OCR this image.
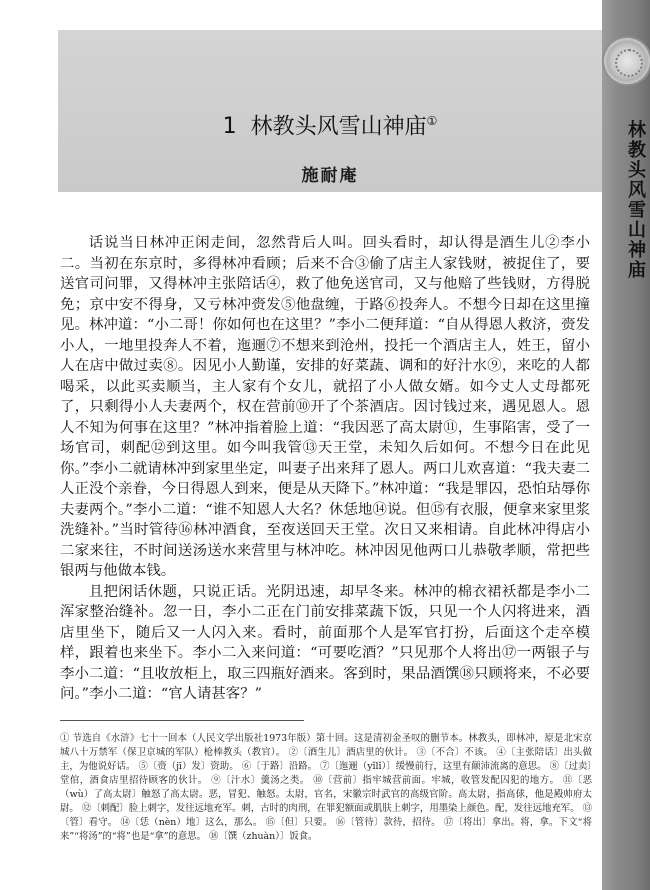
林教头风雪山神庙
1 林教头风雪山神庙①
施耐庵

话说当日林冲正闲走间，忽然背后人叫。回头看时，却认得是酒生儿②李小二。当初在东京时，多得林冲看顾；后来不合③偷了店主人家钱财，被捉住了，要送官司问罪，又得林冲主张陪话④，救了他免送官司，又与他赔了些钱财，方得脱免；京中安不得身，又亏林冲赍发⑤他盘缠，于路⑥投奔人。不想今日却在这里撞见。林冲道：“小二哥！你如何也在这里？”李小二便拜道：“自从得恩人救济，赍发小人，一地里投奔人不着，迤逦⑦不想来到沧州，投托一个酒店主人，姓王，留小人在店中做过卖⑧。因见小人勤谨，安排的好菜蔬、调和的好汁水⑨，来吃的人都喝采，以此买卖顺当，主人家有个女儿，就招了小人做女婿。如今丈人丈母都死了，只剩得小人夫妻两个，权在营前⑩开了个茶酒店。因讨钱过来，遇见恩人。恩人不知为何事在这里？”林冲指着脸上道：“我因恶了高太尉⑪，生事陷害，受了一场官司，刺配⑫到这里。如今叫我管⑬天王堂，未知久后如何。不想今日在此见你。”李小二就请林冲到家里坐定，叫妻子出来拜了恩人。两口儿欢喜道：“我夫妻二人正没个亲眷，今日得恩人到来，便是从天降下。”林冲道：“我是罪囚，恐怕玷辱你夫妻两个。”李小二道：“谁不知恩人大名？休恁地⑭说。但⑮有衣服，便拿来家里浆洗缝补。”当时管待⑯林冲酒食，至夜送回天王堂。次日又来相请。自此林冲得店小二家来往，不时间送汤送水来营里与林冲吃。林冲因见他两口儿恭敬孝顺，常把些银两与他做本钱。

且把闲话休题，只说正话。光阴迅速，却早冬来。林冲的棉衣裙袄都是李小二浑家整治缝补。忽一日，李小二正在门前安排菜蔬下饭，只见一个人闪将进来，酒店里坐下，随后又一人闪入来。看时，前面那个人是军官打扮，后面这个走卒模样，跟着也来坐下。李小二入来问道：“可要吃酒？”只见那个人将出⑰一两银子与李小二道：“且收放柜上，取三四瓶好酒来。客到时，果品酒馔⑱只顾将来，不必要问。”李小二道：“官人请甚客？”

① 节选自《水浒》七十一回本（人民文学出版社1973年版）第十回。这是清初金圣叹的删节本。林教头，即林冲，原是北宋京城八十万禁军（保卫京城的军队）枪棒教头（教官）。 ②〔酒生儿〕酒店里的伙计。 ③〔不合〕不该。 ④〔主张陪话〕出头做主，为他说好话。 ⑤〔赍（jī）发〕资助。 ⑥〔于路〕沿路。 ⑦〔迤逦（yǐlǐ）〕缓慢前行，这里有颠沛流离的意思。 ⑧〔过卖〕堂倌，酒食店里招待顾客的伙计。 ⑨〔汁水〕羹汤之类。 ⑩〔营前〕指牢城营前面。牢城，收管发配囚犯的地方。 ⑪〔恶（wù）了高太尉〕触怒了高太尉。恶，冒犯、触怒。太尉，官名，宋徽宗时武官的高级官阶。高太尉，指高俅，他是殿帅府太尉。 ⑫〔刺配〕脸上刺字，发往远地充军。刺，古时的肉刑，在罪犯额面或肌肤上刺字，用墨染上颜色。配，发往远地充军。 ⑬〔管〕看守。 ⑭〔恁（nèn）地〕这么，那么。 ⑮〔但〕只要。 ⑯〔管待〕款待，招待。 ⑰〔将出〕拿出。将，拿。下文“将来”“将汤”的“将”也是“拿”的意思。 ⑱〔馔（zhuàn）〕饭食。
